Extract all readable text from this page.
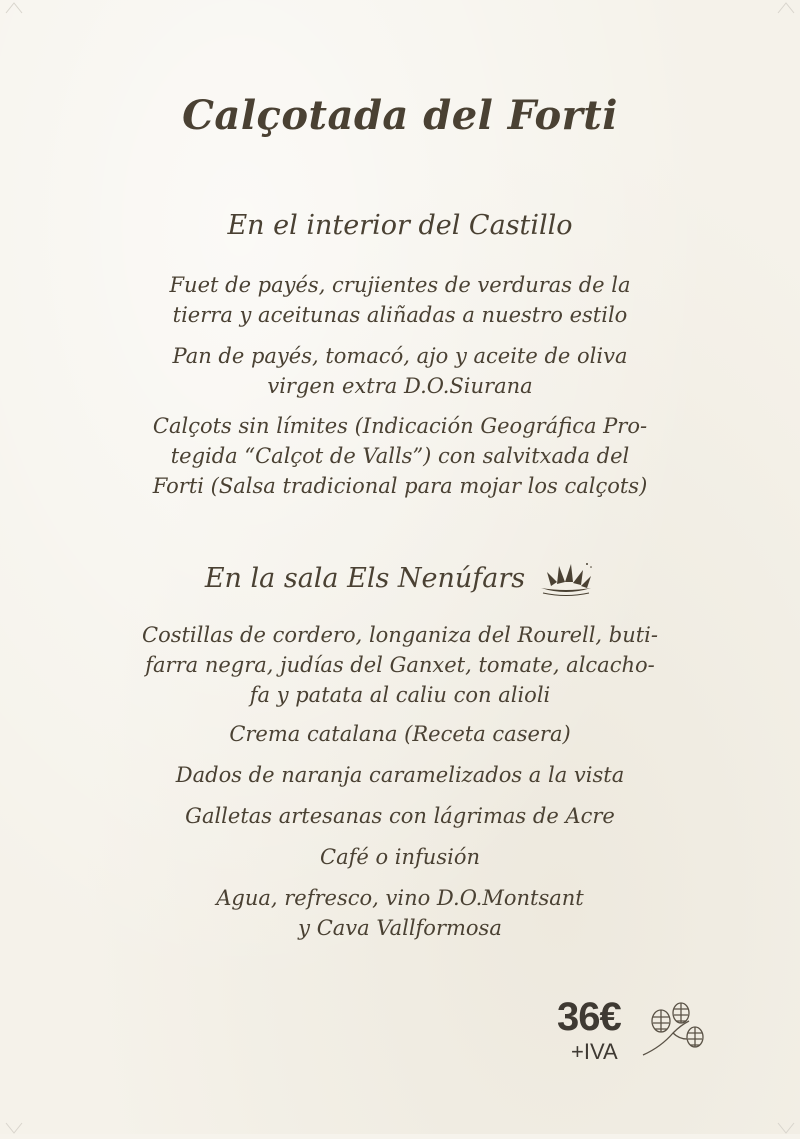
Calçotada del Forti
En el interior del Castillo
Fuet de payés, crujientes de verduras de la
tierra y aceitunas aliñadas a nuestro estilo
Pan de payés, tomacó, ajo y aceite de oliva
virgen extra D.O.Siurana
Calçots sin límites (Indicación Geográfica Pro-
tegida “Calçot de Valls”) con salvitxada del
Forti (Salsa tradicional para mojar los calçots)
En la sala Els Nenúfars
Costillas de cordero, longaniza del Rourell, buti-
farra negra, judías del Ganxet, tomate, alcacho-
fa y patata al caliu con alioli
Crema catalana (Receta casera)
Dados de naranja caramelizados a la vista
Galletas artesanas con lágrimas de Acre
Café o infusión
Agua, refresco, vino D.O.Montsant
y Cava Vallformosa
36€
+IVA
